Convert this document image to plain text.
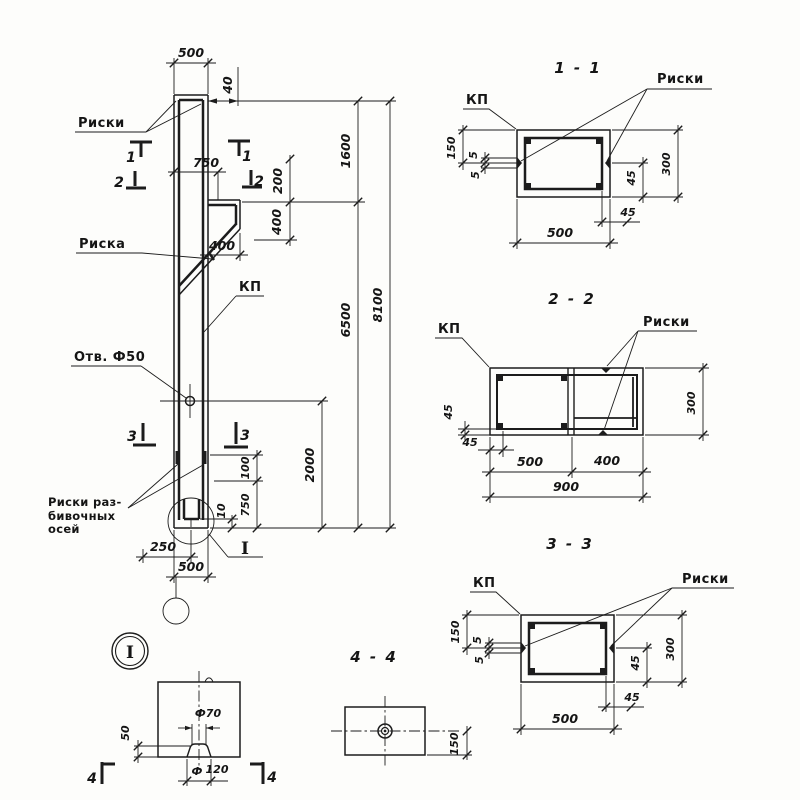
500
40
Риски
1	1
2	2
750
Риска
КП
Отв. Ф50
200
400
400
1600
6500 8100
2000
3	3
100
750
10
Риски раз-
бивочных
осей
I
250
500
1 - 1
КП
Риски
150 5
5	45
300
45
500
2 - 2
КП	Риски
300
45
45
500	400
900
3 - 3
КП	Риски
150 5
5	45
300
45
500
4 - 4
150
I
Ф70
50
Ф 120
4	4
